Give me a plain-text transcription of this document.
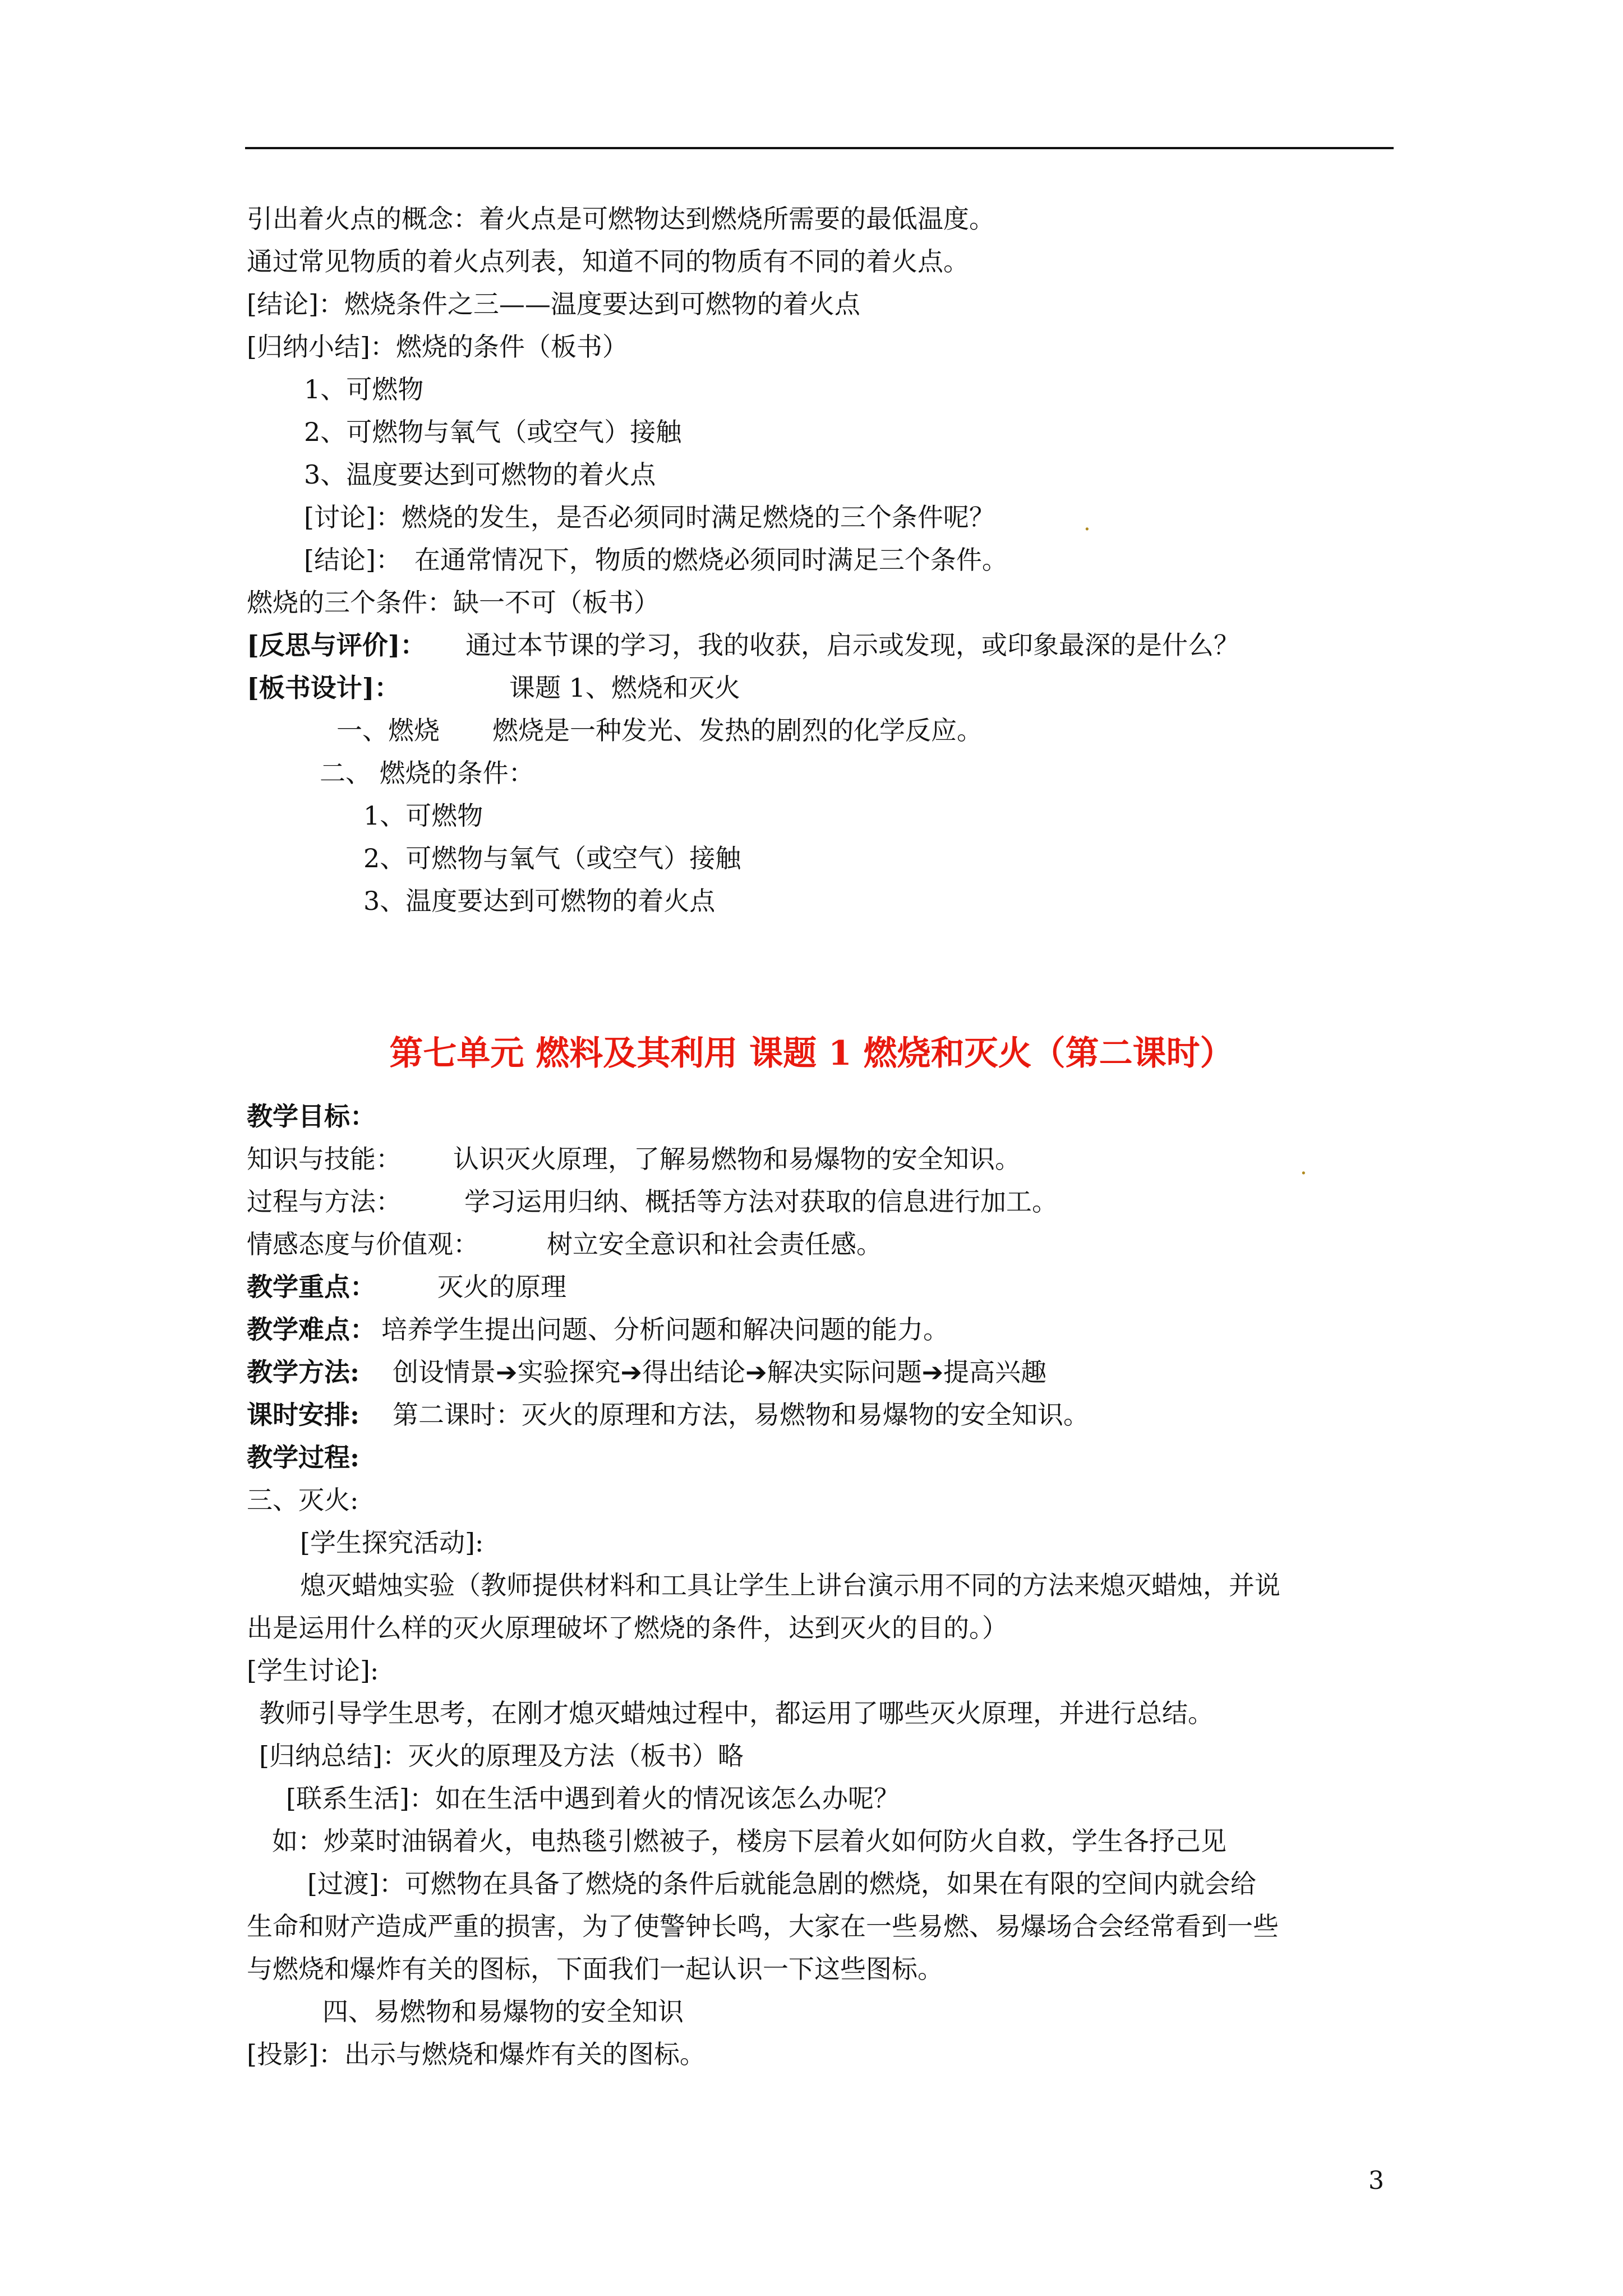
引出着火点的概念：着火点是可燃物达到燃烧所需要的最低温度。
通过常见物质的着火点列表，知道不同的物质有不同的着火点。
[结论]：燃烧条件之三——温度要达到可燃物的着火点
[归纳小结]：燃烧的条件（板书）
1、可燃物
2、可燃物与氧气（或空气）接触
3、温度要达到可燃物的着火点
[讨论]：燃烧的发生，是否必须同时满足燃烧的三个条件呢？	.
[结论]：　在通常情况下，物质的燃烧必须同时满足三个条件。
燃烧的三个条件：缺一不可（板书）
[反思与评价]： 通过本节课的学习，我的收获，启示或发现，或印象最深的是什么？
[板书设计]：	课题 1、燃烧和灭火
一、燃烧 燃烧是一种发光、发热的剧烈的化学反应。
二、 燃烧的条件：
1、可燃物
2、可燃物与氧气（或空气）接触
3、温度要达到可燃物的着火点
第七单元 燃料及其利用 课题 1 燃烧和灭火（第二课时）
教学目标：
知识与技能： 认识灭火原理，了解易燃物和易爆物的安全知识。	.
过程与方法： 学习运用归纳、概括等方法对获取的信息进行加工。
情感态度与价值观：	树立安全意识和社会责任感。
教学重点： 灭火的原理
教学难点： 培养学生提出问题、分析问题和解决问题的能力。
教学方法: 创设情景➔实验探究➔得出结论➔解决实际问题➔提高兴趣
课时安排: 第二课时：灭火的原理和方法，易燃物和易爆物的安全知识。
教学过程:
三、灭火:
[学生探究活动]:
熄灭蜡烛实验（教师提供材料和工具让学生上讲台演示用不同的方法来熄灭蜡烛，并说
出是运用什么样的灭火原理破坏了燃烧的条件，达到灭火的目的。）
[学生讨论]:
教师引导学生思考，在刚才熄灭蜡烛过程中，都运用了哪些灭火原理，并进行总结。
[归纳总结]：灭火的原理及方法（板书）略
[联系生活]：如在生活中遇到着火的情况该怎么办呢？
如：炒菜时油锅着火，电热毯引燃被子，楼房下层着火如何防火自救，学生各抒己见
[过渡]：可燃物在具备了燃烧的条件后就能急剧的燃烧，如果在有限的空间内就会给
生命和财产造成严重的损害，为了使警钟长鸣，大家在一些易燃、易爆场合会经常看到一些
与燃烧和爆炸有关的图标，下面我们一起认识一下这些图标。
四、易燃物和易爆物的安全知识
[投影]：出示与燃烧和爆炸有关的图标。
3
